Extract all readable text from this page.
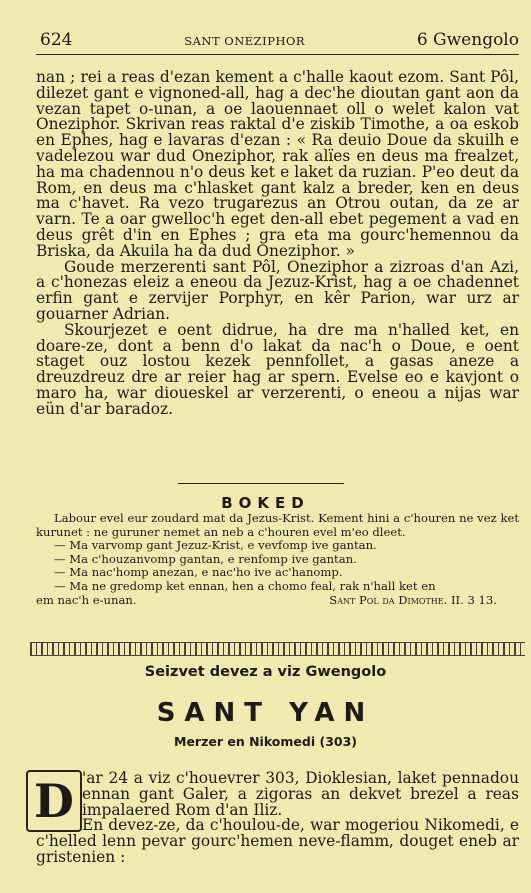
624	SANT ONEZIPHOR	6 Gwengolo

nan ; rei a reas d'ezan kement a c'halle kaout ezom. Sant Pôl, dilezet gant e vignoned-all, hag a dec'he dioutan gant aon da vezan tapet o-unan, a oe laouennaet oll o welet kalon vat Oneziphor. Skrivan reas raktal d'e ziskib Timothe, a oa eskob en Ephes, hag e lavaras d'ezan : « Ra deuio Doue da skuilh e vadelezou war dud Oneziphor, rak alïes en deus ma frealzet, ha ma chadennou n'o deus ket e laket da ruzian. P'eo deut da Rom, en deus ma c'hlasket gant kalz a breder, ken en deus ma c'havet. Ra vezo trugarezus an Otrou outan, da ze ar varn. Te a oar gwelloc'h eget den-all ebet pegement a vad en deus grêt d'in en Ephes ; gra eta ma gourc'hemennou da Briska, da Akuila ha da dud Oneziphor. »

Goude merzerenti sant Pôl, Oneziphor a zizroas d'an Azi, a c'honezas eleiz a eneou da Jezuz-Krist, hag a oe chadennet erfin gant e zervijer Porphyr, en kêr Parion, war urz ar gouarner Adrian.

Skourjezet e oent didrue, ha dre ma n'halled ket, en doare-ze, dont a benn d'o lakat da nac'h o Doue, e oent staget ouz lostou kezek pennfollet, a gasas aneze a dreuzdreuz dre ar reier hag ar spern. Evelse eo e kavjont o maro ha, war dioueskel ar verzerenti, o eneou a nijas war eün d'ar baradoz.

BOKED

Labour evel eur zoudard mat da Jezus-Krist. Kement hini a c'houren ne vez ket kurunet : ne guruner nemet an neb a c'houren evel m'eo dleet.

— Ma varvomp gant Jezuz-Krist, e vevfomp ive gantan.

— Ma c'houzanvomp gantan, e renfomp ive gantan.

— Ma nac'homp anezan, e nac'ho ive ac'hanomp.

— Ma ne gredomp ket ennan, hen a chomo feal, rak n'hall ket en

em nac'h e-unan.	Sant Pol da Dimothe. II. 3 13.

Seizvet devez a viz Gwengolo
SANT YAN
Merzer en Nikomedi (303)
D 'ar 24 a viz c'houevrer 303, Dioklesian, laket pennadou ennan gant Galer, a zigoras an dekvet brezel a reas impalaered Rom d'an Iliz.

En devez-ze, da c'houlou-de, war mogeriou Nikomedi, e c'helled lenn pevar gourc'hemen neve-flamm, douget eneb ar gristenien :
